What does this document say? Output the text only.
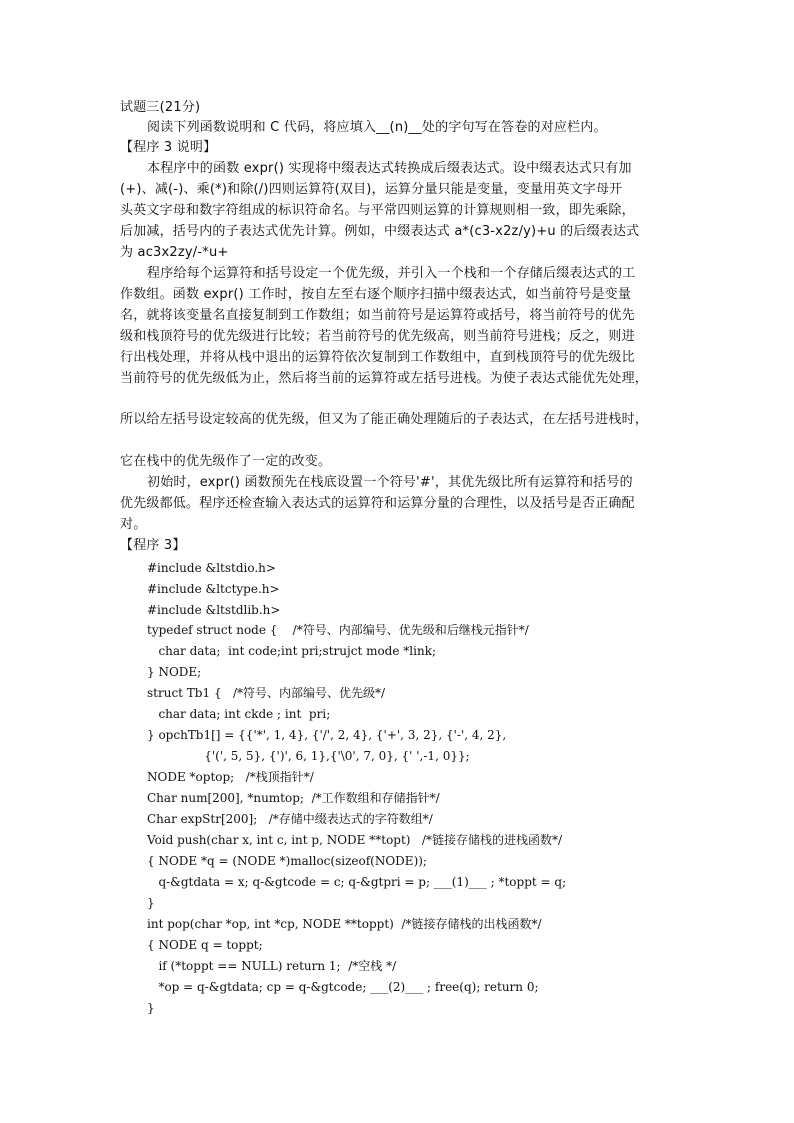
试题三(21分)
阅读下列函数说明和 C 代码，将应填入__(n)__处的字句写在答卷的对应栏内。
【程序 3 说明】
本程序中的函数 expr() 实现将中缀表达式转换成后缀表达式。设中缀表达式只有加
(+)、减(-)、乘(*)和除(/)四则运算符(双目)，运算分量只能是变量，变量用英文字母开
头英文字母和数字符组成的标识符命名。与平常四则运算的计算规则相一致，即先乘除，
后加减，括号内的子表达式优先计算。例如，中缀表达式 a*(c3-x2z/y)+u 的后缀表达式
为 ac3x2zy/-*u+
程序给每个运算符和括号设定一个优先级，并引入一个栈和一个存储后缀表达式的工
作数组。函数 expr() 工作时，按自左至右逐个顺序扫描中缀表达式，如当前符号是变量
名，就将该变量名直接复制到工作数组；如当前符号是运算符或括号，将当前符号的优先
级和栈顶符号的优先级进行比较；若当前符号的优先级高，则当前符号进栈；反之，则进
行出栈处理，并将从栈中退出的运算符依次复制到工作数组中，直到栈顶符号的优先级比
当前符号的优先级低为止，然后将当前的运算符或左括号进栈。为使子表达式能优先处理，
所以给左括号设定较高的优先级，但又为了能正确处理随后的子表达式，在左括号进栈时，
它在栈中的优先级作了一定的改变。
初始时，expr() 函数预先在栈底设置一个符号'#'，其优先级比所有运算符和括号的
优先级都低。程序还检查输入表达式的运算符和运算分量的合理性，以及括号是否正确配
对。
【程序 3】
#include &ltstdio.h>
#include &ltctype.h>
#include &ltstdlib.h>
typedef struct node {    /*符号、内部编号、优先级和后继栈元指针*/
char data;  int code;int pri;strujct mode *link;
} NODE;
struct Tb1 {   /*符号、内部编号、优先级*/
char data; int ckde ; int  pri;
} opchTb1[] = {{'*', 1, 4}, {'/', 2, 4}, {'+', 3, 2}, {'-', 4, 2},
{'(', 5, 5}, {')', 6, 1},{'\0', 7, 0}, {' ',-1, 0}};
NODE *optop;   /*栈顶指针*/
Char num[200], *numtop;  /*工作数组和存储指针*/
Char expStr[200];   /*存储中缀表达式的字符数组*/
Void push(char x, int c, int p, NODE **topt)   /*链接存储栈的进栈函数*/
{ NODE *q = (NODE *)malloc(sizeof(NODE));
q-&gtdata = x; q-&gtcode = c; q-&gtpri = p; ___(1)___ ; *toppt = q;
}
int pop(char *op, int *cp, NODE **toppt)  /*链接存储栈的出栈函数*/
{ NODE q = toppt;
if (*toppt == NULL) return 1;  /*空栈 */
*op = q-&gtdata; cp = q-&gtcode; ___(2)___ ; free(q); return 0;
}
